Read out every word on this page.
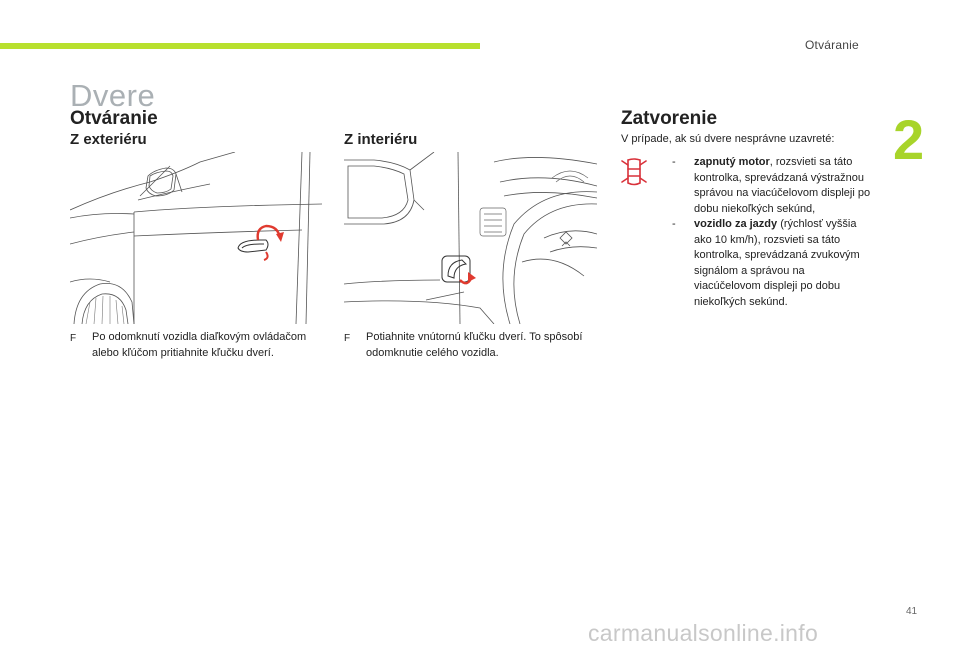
Otváranie
2
Dvere
Otváranie
Z exteriéru	Z interiéru
Zatvorenie
F	Po odomknutí vozidla diaľkovým ovládačom alebo kľúčom pritiahnite kľučku dverí.
F	Potiahnite vnútornú kľučku dverí. To spôsobí odomknutie celého vozidla.
V prípade, ak sú dvere nesprávne uzavreté:
-	zapnutý motor, rozsvieti sa táto kontrolka, sprevádzaná výstražnou správou na viacúčelovom displeji po dobu niekoľkých sekúnd,
-	vozidlo za jazdy (rýchlosť vyššia ako 10 km/h), rozsvieti sa táto kontrolka, sprevádzaná zvukovým signálom a správou na viacúčelovom displeji po dobu niekoľkých sekúnd.
41
carmanualsonline.info
